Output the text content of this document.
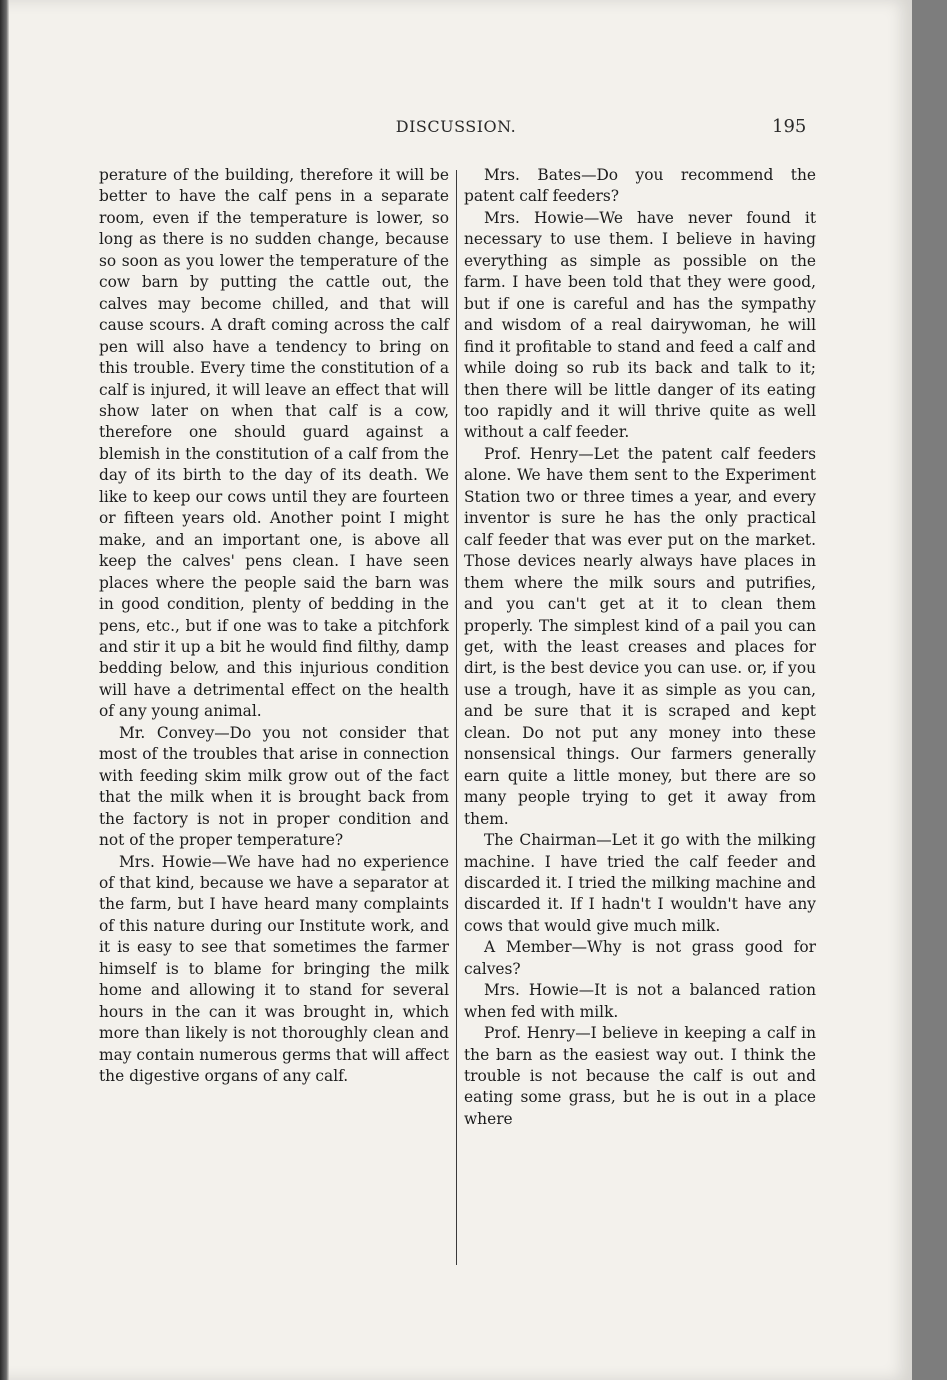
DISCUSSION.	195

perature of the building, therefore it will be better to have the calf pens in a separate room, even if the temperature is lower, so long as there is no sudden change, because so soon as you lower the temperature of the cow barn by putting the cattle out, the calves may become chilled, and that will cause scours. A draft coming across the calf pen will also have a tendency to bring on this trouble. Every time the constitution of a calf is injured, it will leave an effect that will show later on when that calf is a cow, therefore one should guard against a blemish in the constitution of a calf from the day of its birth to the day of its death. We like to keep our cows until they are fourteen or fifteen years old. Another point I might make, and an important one, is above all keep the calves' pens clean. I have seen places where the people said the barn was in good condition, plenty of bedding in the pens, etc., but if one was to take a pitchfork and stir it up a bit he would find filthy, damp bedding below, and this injurious condition will have a detrimental effect on the health of any young animal.

Mr. Convey—Do you not consider that most of the troubles that arise in connection with feeding skim milk grow out of the fact that the milk when it is brought back from the factory is not in proper condition and not of the proper temperature?

Mrs. Howie—We have had no experience of that kind, because we have a separator at the farm, but I have heard many complaints of this nature during our Institute work, and it is easy to see that sometimes the farmer himself is to blame for bringing the milk home and allowing it to stand for several hours in the can it was brought in, which more than likely is not thoroughly clean and may contain numerous germs that will affect the digestive organs of any calf.

Mrs. Bates—Do you recommend the patent calf feeders?

Mrs. Howie—We have never found it necessary to use them. I believe in having everything as simple as possible on the farm. I have been told that they were good, but if one is careful and has the sympathy and wisdom of a real dairywoman, he will find it profitable to stand and feed a calf and while doing so rub its back and talk to it; then there will be little danger of its eating too rapidly and it will thrive quite as well without a calf feeder.

Prof. Henry—Let the patent calf feeders alone. We have them sent to the Experiment Station two or three times a year, and every inventor is sure he has the only practical calf feeder that was ever put on the market. Those devices nearly always have places in them where the milk sours and putrifies, and you can't get at it to clean them properly. The simplest kind of a pail you can get, with the least creases and places for dirt, is the best device you can use. or, if you use a trough, have it as simple as you can, and be sure that it is scraped and kept clean. Do not put any money into these nonsensical things. Our farmers generally earn quite a little money, but there are so many people trying to get it away from them.

The Chairman—Let it go with the milking machine. I have tried the calf feeder and discarded it. I tried the milking machine and discarded it. If I hadn't I wouldn't have any cows that would give much milk.

A Member—Why is not grass good for calves?

Mrs. Howie—It is not a balanced ration when fed with milk.

Prof. Henry—I believe in keeping a calf in the barn as the easiest way out. I think the trouble is not because the calf is out and eating some grass, but he is out in a place where
